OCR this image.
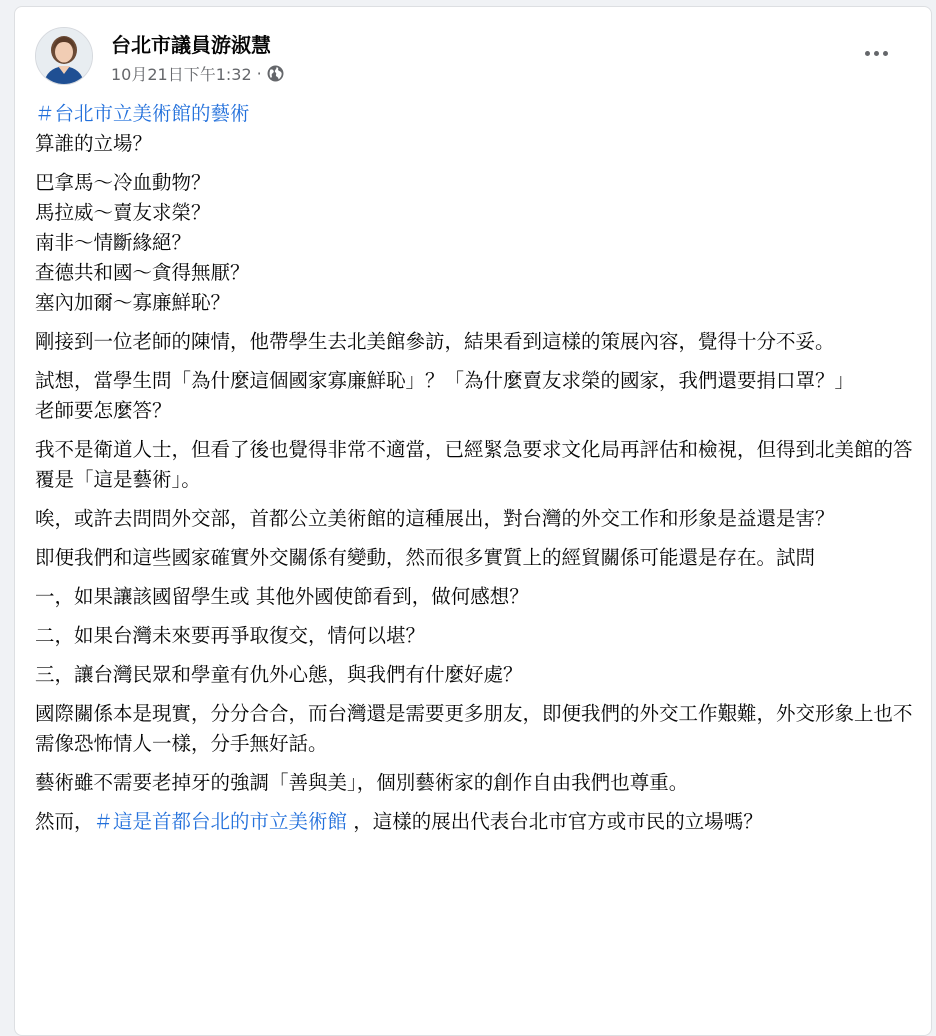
台北市議員游淑慧
10月21日下午1:32 ·

＃台北市立美術館的藝術

算誰的立場？

巴拿馬～冷血動物？

馬拉威～賣友求榮？

南非～情斷緣絕？

查德共和國～貪得無厭？

塞內加爾～寡廉鮮恥？

剛接到一位老師的陳情，他帶學生去北美館參訪，結果看到這樣的策展內容，覺得十分不妥。

試想，當學生問「為什麼這個國家寡廉鮮恥」？「為什麼賣友求榮的國家，我們還要捐口罩？」

老師要怎麼答？

我不是衛道人士，但看了後也覺得非常不適當，已經緊急要求文化局再評估和檢視，但得到北美館的答覆是「這是藝術」。

唉，或許去問問外交部，首都公立美術館的這種展出，對台灣的外交工作和形象是益還是害？

即便我們和這些國家確實外交關係有變動，然而很多實質上的經貿關係可能還是存在。試問

一，如果讓該國留學生或 其他外國使節看到，做何感想？

二，如果台灣未來要再爭取復交，情何以堪？

三，讓台灣民眾和學童有仇外心態，與我們有什麼好處？

國際關係本是現實，分分合合，而台灣還是需要更多朋友，即便我們的外交工作艱難，外交形象上也不需像恐怖情人一樣，分手無好話。

藝術雖不需要老掉牙的強調「善與美」，個別藝術家的創作自由我們也尊重。

然而，＃這是首都台北的市立美術館 ，這樣的展出代表台北市官方或市民的立場嗎？
